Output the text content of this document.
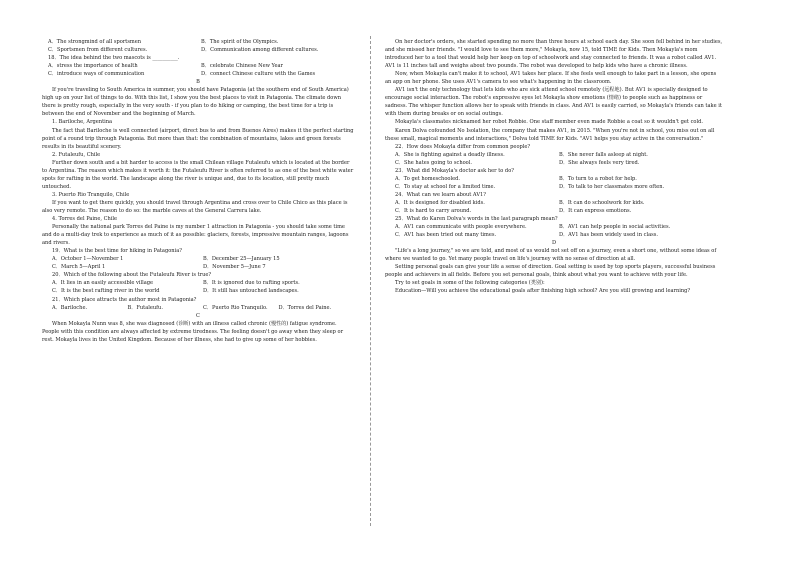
A．The strongmind of all sportsmen	B．The spirit of the Olympics.
C．Sportsmen from different cultures.	D．Communication among different cultures.

18．The idea behind the two mascots is __________.

A．stress the importance of health	B．celebrate Chinese New Year
C．introduce ways of communication	D．connect Chinese culture with the Games

B

If you're traveling to South America in summer, you should have Patagonia (at the southern end of South America) high up on your list of things to do. With this list, I show you the best places to visit in Patagonia. The climate down there is pretty rough, especially in the very south - if you plan to do hiking or camping, the best time for a trip is between the end of November and the beginning of March.

1. Bariloche, Argentina

The fact that Bariloche is well connected (airport, direct bus to and from Buenos Aires) makes it the perfect starting point of a round trip through Patagonia. But more than that: the combination of mountains, lakes and green forests results in its beautiful scenery.

2. Futaleufu, Chile

Further down south and a bit harder to access is the small Chilean village Futaleufu which is located at the border to Argentina. The reason which makes it worth it: the Futaleufu River is often referred to as one of the best white water spots for rafting in the world. The landscape along the river is unique and, due to its location, still pretty much untouched.

3. Puerto Rio Tranquilo, Chile

If you want to get there quickly, you should travel through Argentina and cross over to Chile Chico as this place is also very remote. The reason to do so: the marble caves at the General Carrera lake.

4. Torres del Paine, Chile

Personally the national park Torres del Paine is my number 1 attraction in Patagonia - you should take some time and do a multi-day trek to experience as much of it as possible: glaciers, forests, impressive mountain ranges, lagoons and rivers.

19．What is the best time for hiking in Patagonia?

A．October 1—November 1	B．December 25—January 15
C．March 5—April 1	D．November 5—June 7

20．Which of the following about the Futaleufu River is true?

A．It lies in an easily accessible village	B．It is ignored due to rafting sports.
C．It is the best rafting river in the world	D．It still has untouched landscapes.

21．Which place attracts the author most in Patagonia?

A．Bariloche.	B．Futaleufu.	C．Puerto Rio Tranquilo.	D．Torres del Paine.

C

When Mokayla Nunn was 8, she was diagnosed (诊断) with an illness called chronic (慢性的) fatigue syndrome. People with this condition are always affected by extreme tiredness. The feeling doesn't go away when they sleep or rest. Mokayla lives in the United Kingdom. Because of her illness, she had to give up some of her hobbies.

On her doctor's orders, she started spending no more than three hours at school each day. She soon fell behind in her studies, and she missed her friends. "I would love to see them more," Mokayla, now 15, told TIME for Kids. Then Mokayla's mom introduced her to a tool that would help her keep on top of schoolwork and stay connected to friends. It was a robot called AV1. AV1 is 11 inches tall and weighs about two pounds. The robot was developed to help kids who have a chronic illness.

Now, when Mokayla can't make it to school, AV1 takes her place. If she feels well enough to take part in a lesson, she opens an app on her phone. She uses AV1's camera to see what's happening in the classroom.

AV1 isn't the only technology that lets kids who are sick attend school remotely (远程地). But AV1 is specially designed to encourage social interaction. The robot's expressive eyes let Mokayla show emotions (情绪) to people such as happiness or sadness. The whisper function allows her to speak with friends in class. And AV1 is easily carried, so Mokayla's friends can take it with them during breaks or on social outings.

Mokayla's classmates nicknamed her robot Robbie. One staff member even made Robbie a coat so it wouldn't get cold.

Karen Dolva cofounded No Isolation, the company that makes AV1, in 2015. "When you're not in school, you miss out on all these small, magical moments and interactions," Dolva told TIME for Kids. "AV1 helps you stay active in the conversation."

22．How does Mokayla differ from common people?

A．She is fighting against a deadly illness.	B．She never falls asleep at night.
C．She hates going to school.	D．She always feels very tired.

23．What did Mokayla's doctor ask her to do?

A．To get homeschooled.	B．To turn to a robot for help.
C．To stay at school for a limited time.	D．To talk to her classmates more often.

24．What can we learn about AV1?

A．It is designed for disabled kids.	B．It can do schoolwork for kids.
C．It is hard to carry around.	D．It can express emotions.

25．What do Karen Dolva's words in the last paragraph mean?

A．AV1 can communicate with people everywhere.	B．AV1 can help people in social activities.
C．AV1 has been tried out many times.	D．AV1 has been widely used in class.

D

"Life's a long journey," so we are told, and most of us would not set off on a journey, even a short one, without some ideas of where we wanted to go. Yet many people travel on life's journey with no sense of direction at all.

Setting personal goals can give your life a sense of direction. Goal setting is used by top sports players, successful business people and achievers in all fields. Before you set personal goals, think about what you want to achieve with your life.

Try to set goals in some of the following categories (类别):

Education—Will you achieve the educational goals after finishing high school? Are you still growing and learning?
